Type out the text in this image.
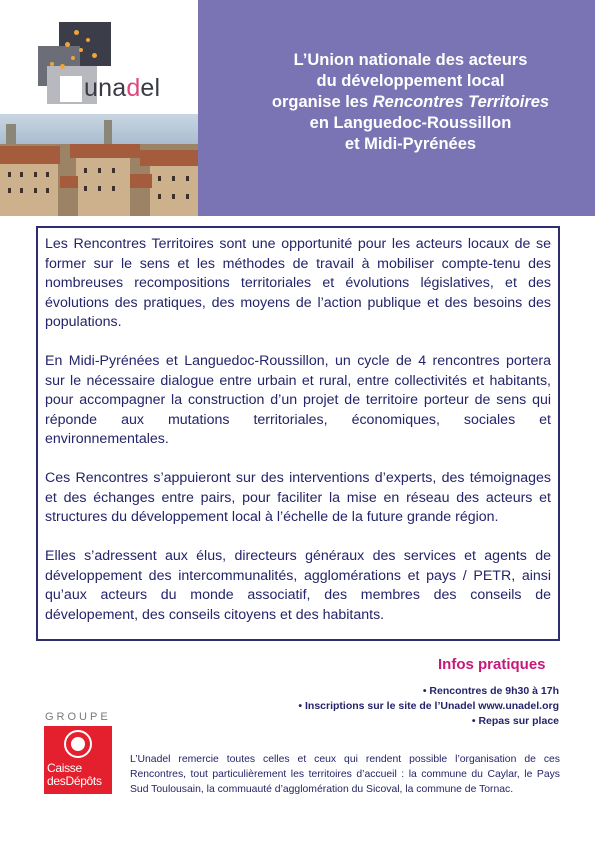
unadel
L’Union nationale des acteurs
du développement local
organise les Rencontres Territoires
en Languedoc-Roussillon
et Midi-Pyrénées

Les Rencontres Territoires sont une opportunité pour les acteurs locaux de se former sur le sens et les méthodes de travail à mobiliser compte-tenu des nombreuses recompositions territoriales et évolutions législatives, et des évolutions des pratiques, des moyens de l’action publique et des besoins des populations.

En Midi-Pyrénées et Languedoc-Roussillon, un cycle de 4 rencontres portera sur le nécessaire dialogue entre urbain et rural, entre collectivités et habitants, pour accompagner la construction d’un projet de territoire porteur de sens qui réponde aux mutations territoriales, économiques, sociales et environnementales.

Ces Rencontres s’appuieront sur des interventions d’experts, des témoignages et des échanges entre pairs, pour faciliter la mise en réseau des acteurs et structures du développement local à l’échelle de la future grande région.

Elles s’adressent aux élus, directeurs généraux des services et agents de développement des intercommunalités, agglomérations et pays / PETR, ainsi qu’aux acteurs du monde associatif, des membres des conseils de dévelopement, des conseils citoyens et des habitants.

Infos pratiques
• Rencontres de 9h30 à 17h
• Inscriptions sur le site de l’Unadel www.unadel.org
• Repas sur place
GROUPE
Caisse
desDépôts

L’Unadel remercie toutes celles et ceux qui rendent possible l’organisation de ces Rencontres, tout particulièrement les territoires d’accueil : la commune du Caylar, le Pays Sud Toulousain, la commuauté d’agglomération du Sicoval, la commune de Tornac.
